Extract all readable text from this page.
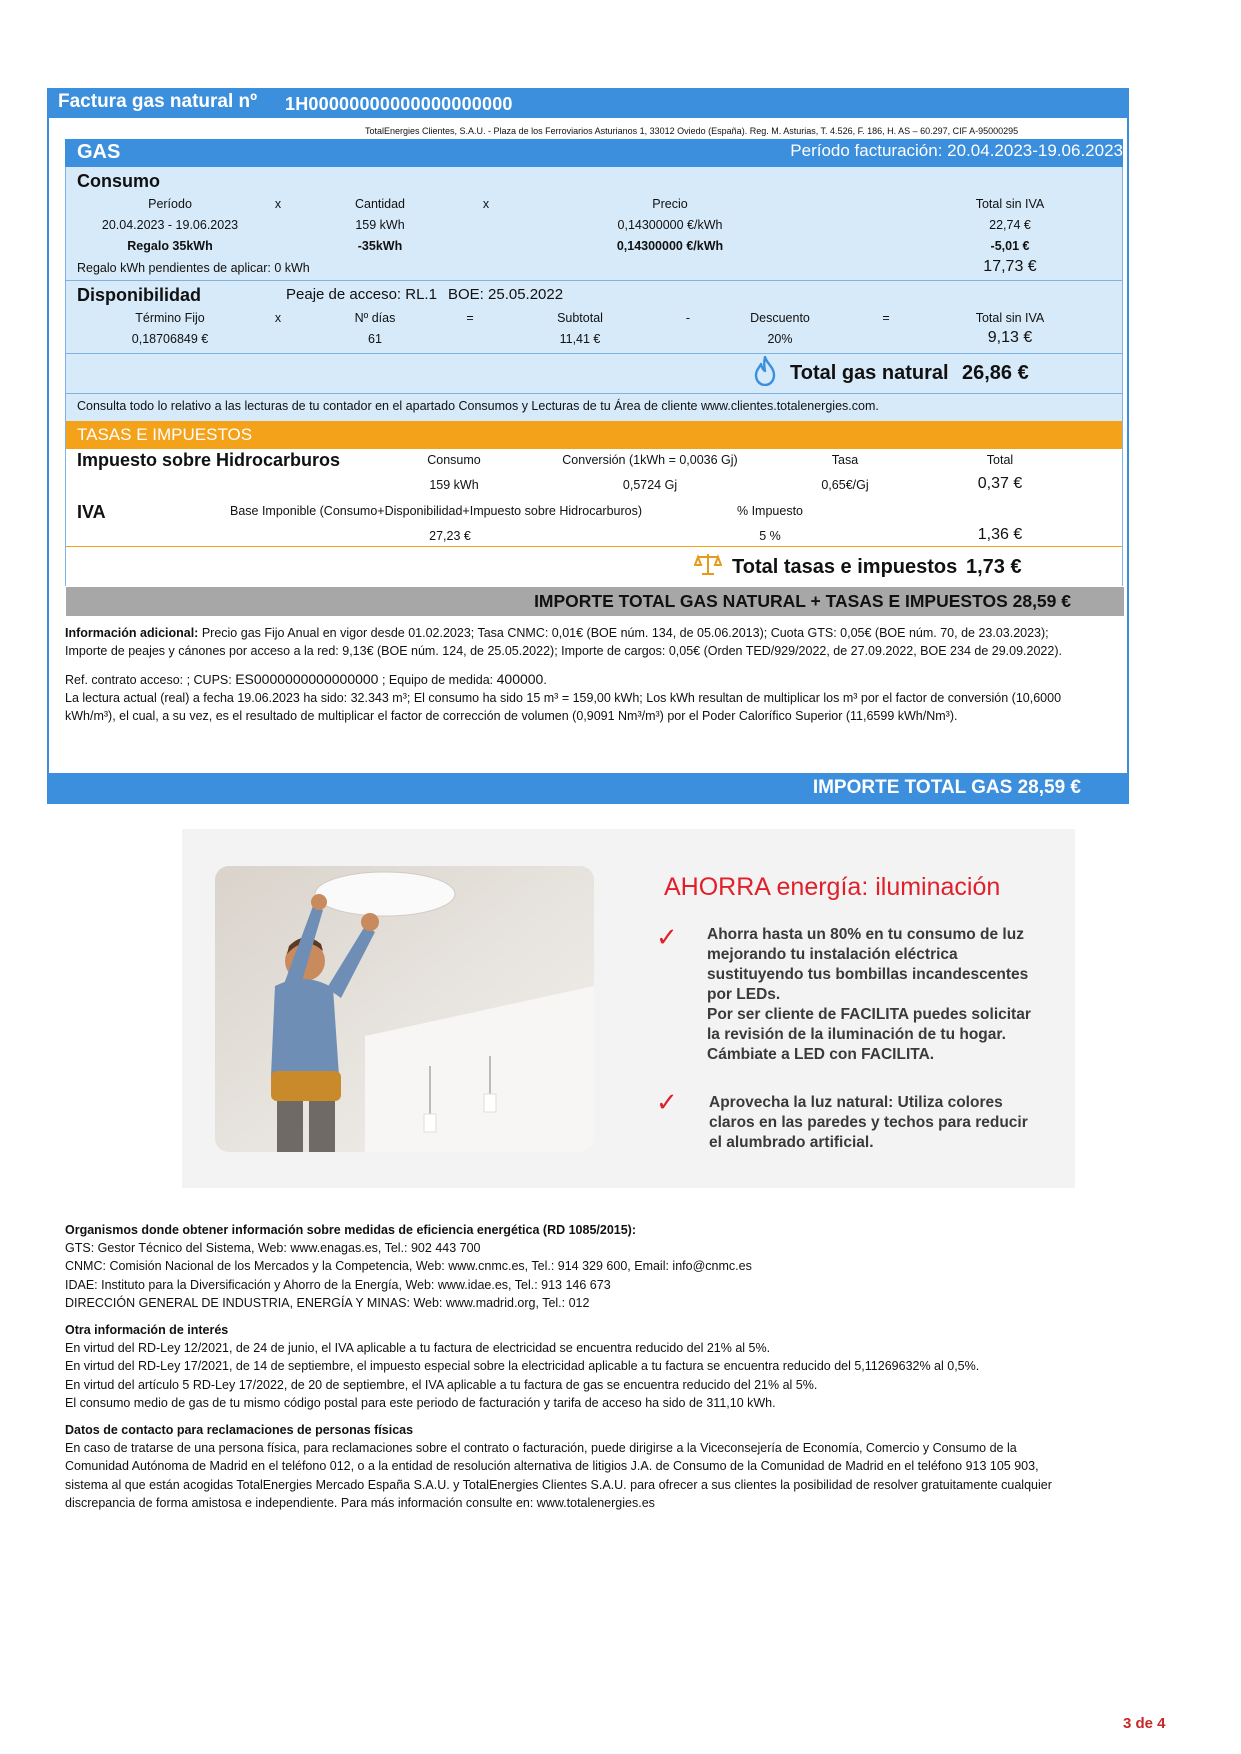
Factura gas natural nº 1H00000000000000000000
TotalEnergies Clientes, S.A.U. - Plaza de los Ferroviarios Asturianos 1, 33012 Oviedo (España). Reg. M. Asturias, T. 4.526, F. 186, H. AS – 60.297, CIF A-95000295
GAS	Período facturación: 20.04.2023-19.06.2023
Consumo
Período	x	Cantidad	x	Precio	Total sin IVA
20.04.2023 - 19.06.2023	159 kWh	0,14300000 €/kWh	22,74 €
Regalo 35kWh	-35kWh	0,14300000 €/kWh	-5,01 €
Regalo kWh pendientes de aplicar: 0 kWh	17,73 €
Disponibilidad	Peaje de acceso: RL.1 BOE: 25.05.2022
Término Fijo	x	Nº días	=	Subtotal	-	Descuento	=	Total sin IVA
0,18706849 €	61	11,41 €	20%	9,13 €
Total gas natural 26,86 €
Consulta todo lo relativo a las lecturas de tu contador en el apartado Consumos y Lecturas de tu Área de cliente www.clientes.totalenergies.com.
TASAS E IMPUESTOS
Impuesto sobre Hidrocarburos	Consumo	Conversión (1kWh = 0,0036 Gj)	Tasa	Total
159 kWh	0,5724 Gj	0,65€/Gj	0,37 €
IVA	Base Imponible (Consumo+Disponibilidad+Impuesto sobre Hidrocarburos)	% Impuesto
27,23 €	5 %	1,36 €
Total tasas e impuestos 1,73 €
IMPORTE TOTAL GAS NATURAL + TASAS E IMPUESTOS 28,59 €
Información adicional: Precio gas Fijo Anual en vigor desde 01.02.2023; Tasa CNMC: 0,01€ (BOE núm. 134, de 05.06.2013); Cuota GTS: 0,05€ (BOE núm. 70, de 23.03.2023);
Importe de peajes y cánones por acceso a la red: 9,13€ (BOE núm. 124, de 25.05.2022); Importe de cargos: 0,05€ (Orden TED/929/2022, de 27.09.2022, BOE 234 de 29.09.2022).
Ref. contrato acceso: ; CUPS: ES0000000000000000 ; Equipo de medida: 400000.
La lectura actual (real) a fecha 19.06.2023 ha sido: 32.343 m³; El consumo ha sido 15 m³ = 159,00 kWh; Los kWh resultan de multiplicar los m³ por el factor de conversión (10,6000
kWh/m³), el cual, a su vez, es el resultado de multiplicar el factor de corrección de volumen (0,9091 Nm³/m³) por el Poder Calorífico Superior (11,6599 kWh/Nm³).
IMPORTE TOTAL GAS 28,59 €
AHORRA energía: iluminación
✓ Ahorra hasta un 80% en tu consumo de luz
mejorando tu instalación eléctrica
sustituyendo tus bombillas incandescentes
por LEDs.
Por ser cliente de FACILITA puedes solicitar
la revisión de la iluminación de tu hogar.
Cámbiate a LED con FACILITA.
✓ Aprovecha la luz natural: Utiliza colores
claros en las paredes y techos para reducir
el alumbrado artificial.
Organismos donde obtener información sobre medidas de eficiencia energética (RD 1085/2015):
GTS: Gestor Técnico del Sistema, Web: www.enagas.es, Tel.: 902 443 700
CNMC: Comisión Nacional de los Mercados y la Competencia, Web: www.cnmc.es, Tel.: 914 329 600, Email: info@cnmc.es
IDAE: Instituto para la Diversificación y Ahorro de la Energía, Web: www.idae.es, Tel.: 913 146 673
DIRECCIÓN GENERAL DE INDUSTRIA, ENERGÍA Y MINAS: Web: www.madrid.org, Tel.: 012
Otra información de interés
En virtud del RD-Ley 12/2021, de 24 de junio, el IVA aplicable a tu factura de electricidad se encuentra reducido del 21% al 5%.
En virtud del RD-Ley 17/2021, de 14 de septiembre, el impuesto especial sobre la electricidad aplicable a tu factura se encuentra reducido del 5,11269632% al 0,5%.
En virtud del artículo 5 RD-Ley 17/2022, de 20 de septiembre, el IVA aplicable a tu factura de gas se encuentra reducido del 21% al 5%.
El consumo medio de gas de tu mismo código postal para este periodo de facturación y tarifa de acceso ha sido de 311,10 kWh.
Datos de contacto para reclamaciones de personas físicas
En caso de tratarse de una persona física, para reclamaciones sobre el contrato o facturación, puede dirigirse a la Viceconsejería de Economía, Comercio y Consumo de la
Comunidad Autónoma de Madrid en el teléfono 012, o a la entidad de resolución alternativa de litigios J.A. de Consumo de la Comunidad de Madrid en el teléfono 913 105 903,
sistema al que están acogidas TotalEnergies Mercado España S.A.U. y TotalEnergies Clientes S.A.U. para ofrecer a sus clientes la posibilidad de resolver gratuitamente cualquier
discrepancia de forma amistosa e independiente. Para más información consulte en: www.totalenergies.es
3 de 4
